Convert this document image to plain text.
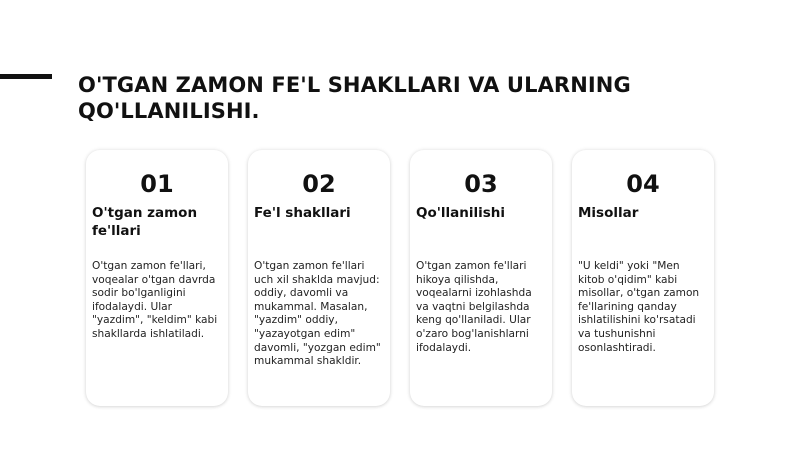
O'TGAN ZAMON FE'L SHAKLLARI VA ULARNING QO'LLANILISHI.
01
O'tgan zamon fe'llari
O'tgan zamon fe'llari, voqealar o'tgan davrda sodir bo'lganligini ifodalaydi. Ular "yazdim", "keldim" kabi shakllarda ishlatiladi.
02
Fe'l shakllari
O'tgan zamon fe'llari uch xil shaklda mavjud: oddiy, davomli va mukammal. Masalan, "yazdim" oddiy, "yazayotgan edim" davomli, "yozgan edim" mukammal shakldir.
03
Qo'llanilishi
O'tgan zamon fe'llari hikoya qilishda, voqealarni izohlashda va vaqtni belgilashda keng qo'llaniladi. Ular o'zaro bog'lanishlarni ifodalaydi.
04
Misollar
"U keldi" yoki "Men kitob o'qidim" kabi misollar, o'tgan zamon fe'llarining qanday ishlatilishini ko'rsatadi va tushunishni osonlashtiradi.
